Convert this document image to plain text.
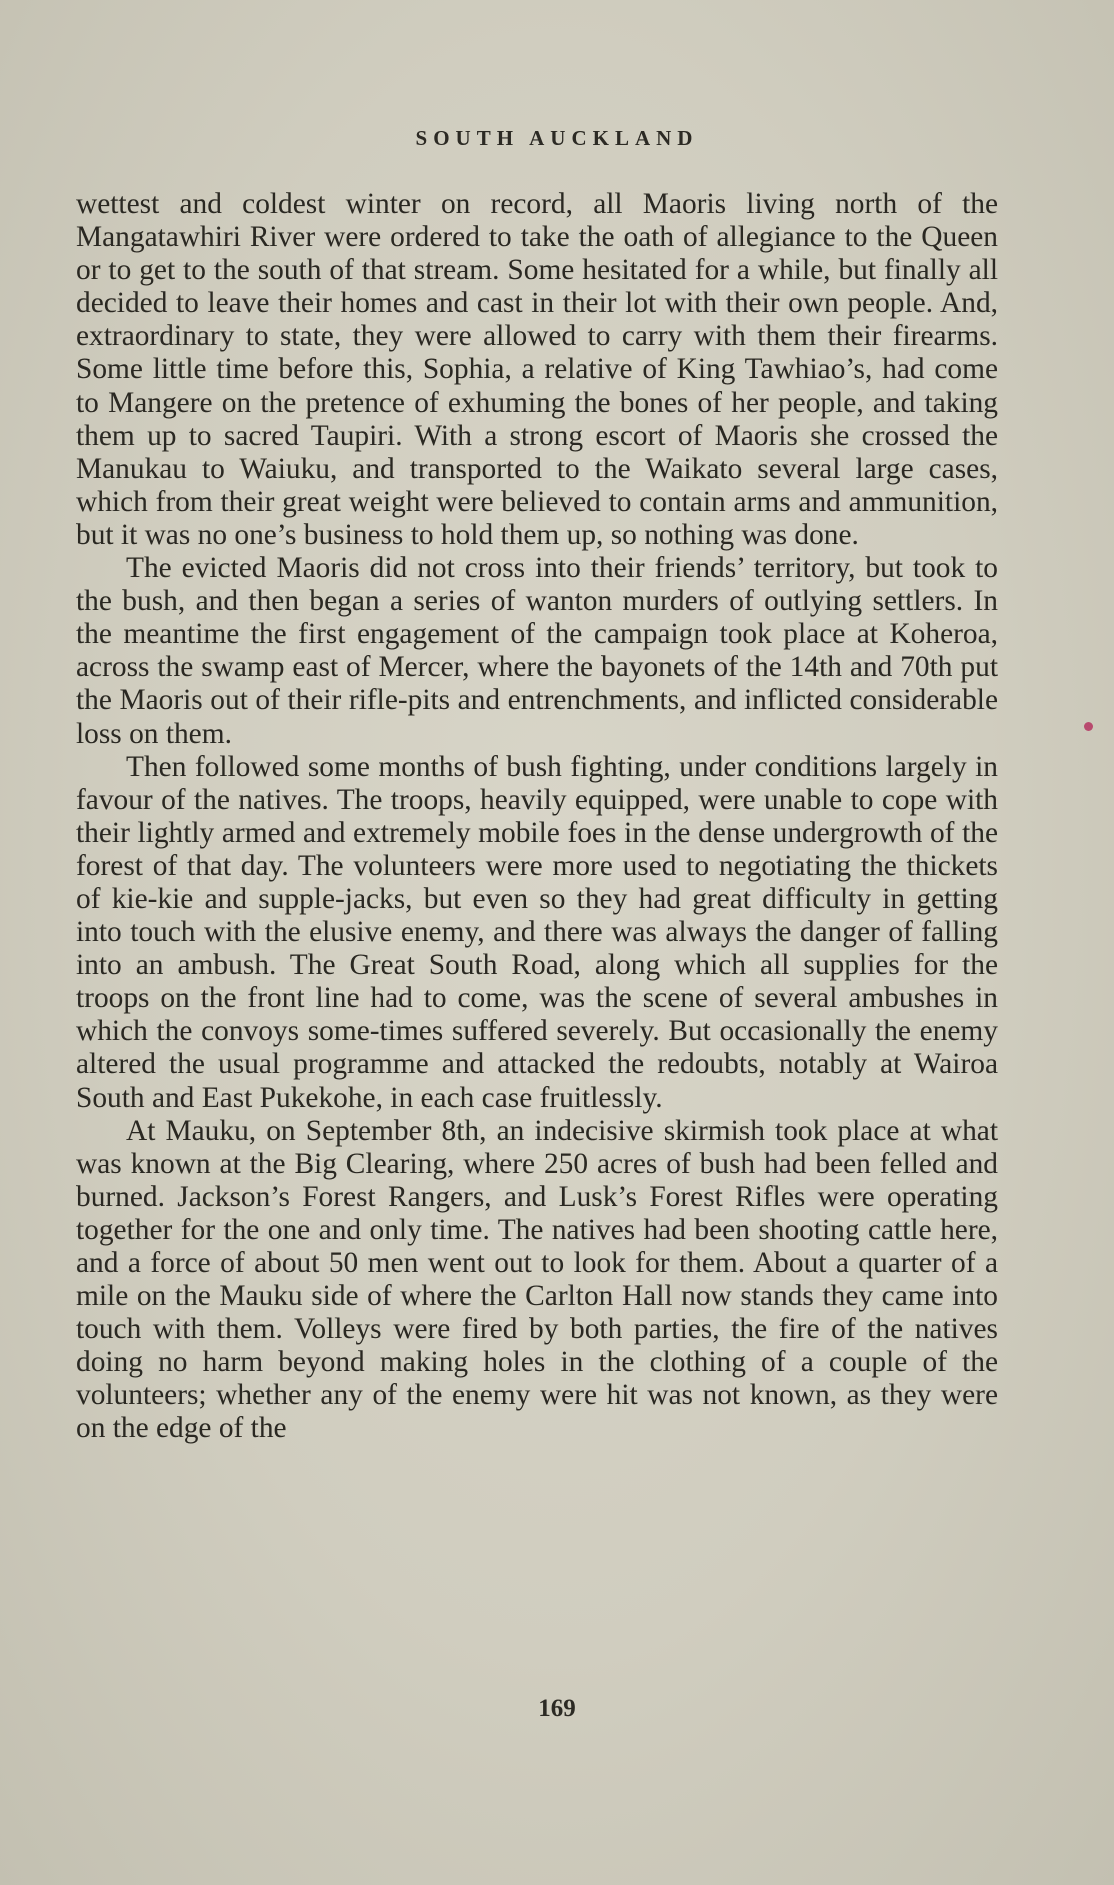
SOUTH AUCKLAND

wettest and coldest winter on record, all Maoris living north of the Mangatawhiri River were ordered to take the oath of allegiance to the Queen or to get to the south of that stream. Some hesitated for a while, but finally all decided to leave their homes and cast in their lot with their own people. And, extraordinary to state, they were allowed to carry with them their firearms. Some little time before this, Sophia, a relative of King Tawhiao’s, had come to Mangere on the pretence of exhuming the bones of her people, and taking them up to sacred Taupiri. With a strong escort of Maoris she crossed the Manukau to Waiuku, and transported to the Waikato several large cases, which from their great weight were believed to contain arms and ammunition, but it was no one’s business to hold them up, so nothing was done.

The evicted Maoris did not cross into their friends’ territory, but took to the bush, and then began a series of wanton murders of outlying settlers. In the meantime the first engagement of the campaign took place at Koheroa, across the swamp east of Mercer, where the bayonets of the 14th and 70th put the Maoris out of their rifle-pits and entrenchments, and inflicted considerable loss on them.

Then followed some months of bush fighting, under conditions largely in favour of the natives. The troops, heavily equipped, were unable to cope with their lightly armed and extremely mobile foes in the dense undergrowth of the forest of that day. The volunteers were more used to negotiating the thickets of kie-kie and supple-jacks, but even so they had great difficulty in getting into touch with the elusive enemy, and there was always the danger of falling into an ambush. The Great South Road, along which all supplies for the troops on the front line had to come, was the scene of several ambushes in which the convoys some-times suffered severely. But occasionally the enemy altered the usual programme and attacked the redoubts, notably at Wairoa South and East Pukekohe, in each case fruitlessly.

At Mauku, on September 8th, an indecisive skirmish took place at what was known at the Big Clearing, where 250 acres of bush had been felled and burned. Jackson’s Forest Rangers, and Lusk’s Forest Rifles were operating together for the one and only time. The natives had been shooting cattle here, and a force of about 50 men went out to look for them. About a quarter of a mile on the Mauku side of where the Carlton Hall now stands they came into touch with them. Volleys were fired by both parties, the fire of the natives doing no harm beyond making holes in the clothing of a couple of the volunteers; whether any of the enemy were hit was not known, as they were on the edge of the

169
